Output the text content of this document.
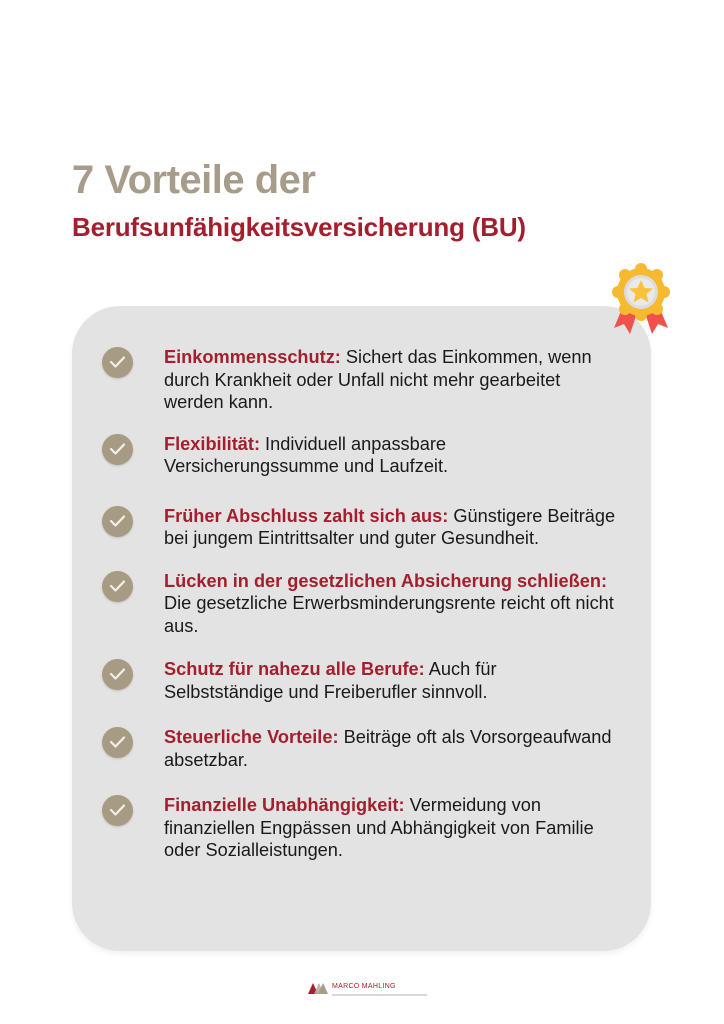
7 Vorteile der
Berufsunfähigkeitsversicherung (BU)
Einkommensschutz: Sichert das Einkommen, wenn durch Krankheit oder Unfall nicht mehr gearbeitet werden kann.
Flexibilität: Individuell anpassbare Versicherungssumme und Laufzeit.
Früher Abschluss zahlt sich aus: Günstigere Beiträge bei jungem Eintrittsalter und guter Gesundheit.
Lücken in der gesetzlichen Absicherung schließen: Die gesetzliche Erwerbsminderungsrente reicht oft nicht aus.
Schutz für nahezu alle Berufe: Auch für Selbstständige und Freiberufler sinnvoll.
Steuerliche Vorteile: Beiträge oft als Vorsorgeaufwand absetzbar.
Finanzielle Unabhängigkeit: Vermeidung von finanziellen Engpässen und Abhängigkeit von Familie oder Sozialleistungen.
MARCO MAHLING
